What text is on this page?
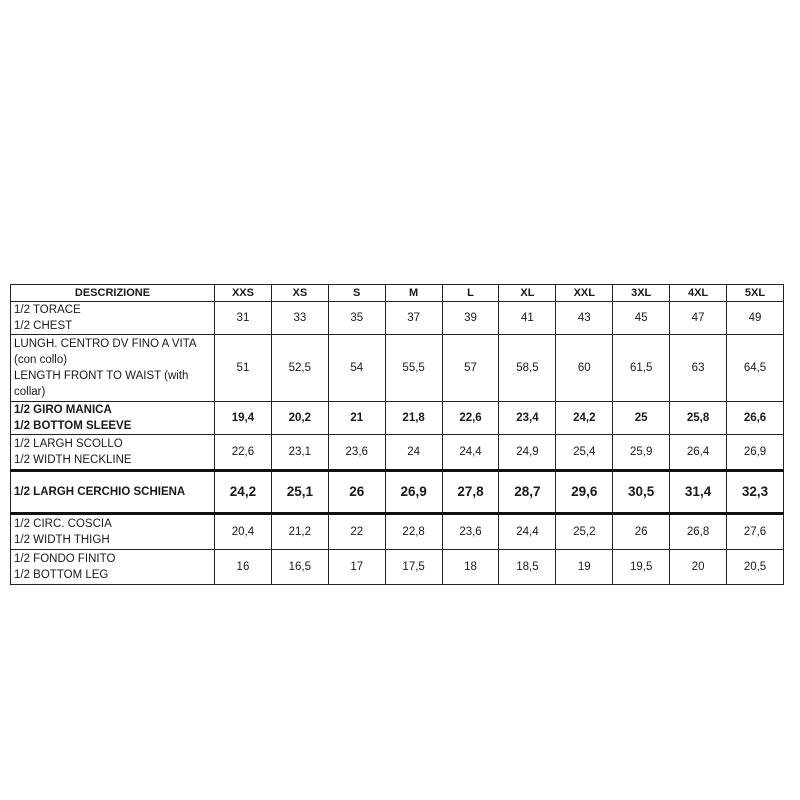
DESCRIZIONE	XXS	XS	S	M	L	XL	XXL	3XL	4XL	5XL

1/2 TORACE
1/2 CHEST	31	33	35	37	39	41	43	45	47	49

LUNGH. CENTRO DV FINO A VITA
(con collo)
LENGTH FRONT TO WAIST (with
collar)	51	52,5	54	55,5	57	58,5	60	61,5	63	64,5

1/2 GIRO MANICA
1/2 BOTTOM SLEEVE	19,4	20,2	21	21,8	22,6	23,4	24,2	25	25,8	26,6

1/2 LARGH SCOLLO
1/2 WIDTH NECKLINE	22,6	23,1	23,6	24	24,4	24,9	25,4	25,9	26,4	26,9

1/2 LARGH CERCHIO SCHIENA	24,2	25,1	26	26,9	27,8	28,7	29,6	30,5	31,4	32,3

1/2 CIRC. COSCIA
1/2 WIDTH THIGH	20,4	21,2	22	22,8	23,6	24,4	25,2	26	26,8	27,6

1/2 FONDO FINITO
1/2 BOTTOM LEG	16	16,5	17	17,5	18	18,5	19	19,5	20	20,5
